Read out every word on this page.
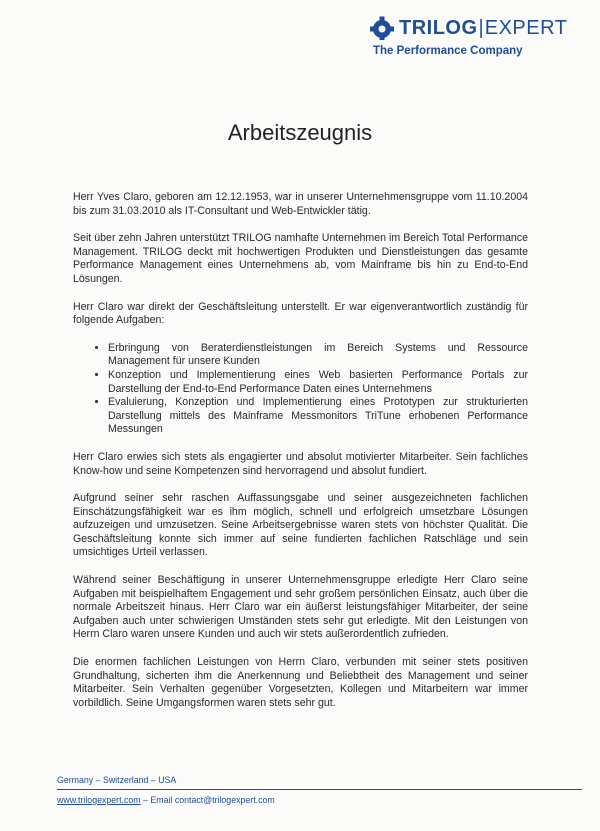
TRILOG | EXPERT
The Performance Company
Arbeitszeugnis

Herr Yves Claro, geboren am 12.12.1953, war in unserer Unternehmensgruppe vom 11.10.2004 bis zum 31.03.2010 als IT-Consultant und Web-Entwickler tätig.

Seit über zehn Jahren unterstützt TRILOG namhafte Unternehmen im Bereich Total Performance Management. TRILOG deckt mit hochwertigen Produkten und Dienstleistungen das gesamte Performance Management eines Unternehmens ab, vom Mainframe bis hin zu End-to-End Lösungen.

Herr Claro war direkt der Geschäftsleitung unterstellt. Er war eigenverantwortlich zuständig für folgende Aufgaben:

• Erbringung von Beraterdienstleistungen im Bereich Systems und Ressource Management für unsere Kunden
• Konzeption und Implementierung eines Web basierten Performance Portals zur Darstellung der End-to-End Performance Daten eines Unternehmens
• Evaluierung, Konzeption und Implementierung eines Prototypen zur strukturierten Darstellung mittels des Mainframe Messmonitors TriTune erhobenen Performance Messungen

Herr Claro erwies sich stets als engagierter und absolut motivierter Mitarbeiter. Sein fachliches Know-how und seine Kompetenzen sind hervorragend und absolut fundiert.

Aufgrund seiner sehr raschen Auffassungsgabe und seiner ausgezeichneten fachlichen Einschätzungsfähigkeit war es ihm möglich, schnell und erfolgreich umsetzbare Lösungen aufzuzeigen und umzusetzen. Seine Arbeitsergebnisse waren stets von höchster Qualität. Die Geschäftsleitung konnte sich immer auf seine fundierten fachlichen Ratschläge und sein umsichtiges Urteil verlassen.

Während seiner Beschäftigung in unserer Unternehmensgruppe erledigte Herr Claro seine Aufgaben mit beispielhaftem Engagement und sehr großem persönlichen Einsatz, auch über die normale Arbeitszeit hinaus. Herr Claro war ein äußerst leistungsfähiger Mitarbeiter, der seine Aufgaben auch unter schwierigen Umständen stets sehr gut erledigte. Mit den Leistungen von Herrn Claro waren unsere Kunden und auch wir stets außerordentlich zufrieden.

Die enormen fachlichen Leistungen von Herrn Claro, verbunden mit seiner stets positiven Grundhaltung, sicherten ihm die Anerkennung und Beliebtheit des Management und seiner Mitarbeiter. Sein Verhalten gegenüber Vorgesetzten, Kollegen und Mitarbeitern war immer vorbildlich. Seine Umgangsformen waren stets sehr gut.

Germany – Switzerland – USA
www.trilogexpert.com – Email contact@trilogexpert.com
